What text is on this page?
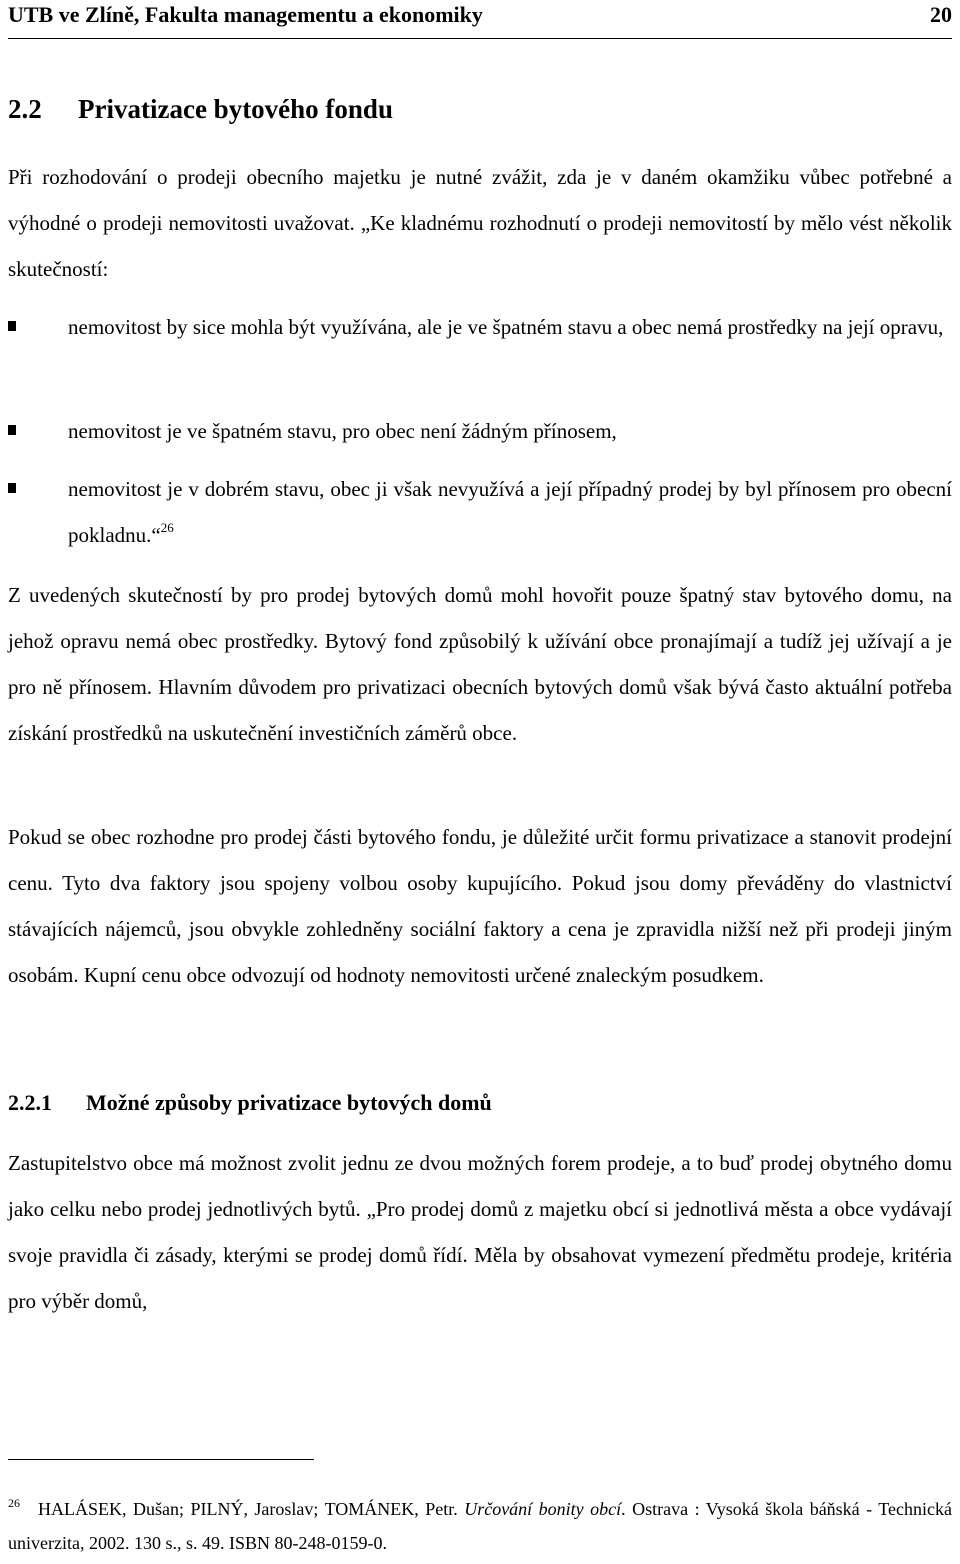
UTB ve Zlíně, Fakulta managementu a ekonomiky	20
2.2 Privatizace bytového fondu

Při rozhodování o prodeji obecního majetku je nutné zvážit, zda je v daném okamžiku vůbec potřebné a výhodné o prodeji nemovitosti uvažovat. „Ke kladnému rozhodnutí o prodeji nemovitostí by mělo vést několik skutečností:

nemovitost by sice mohla být využívána, ale je ve špatném stavu a obec nemá prostředky na její opravu,

nemovitost je ve špatném stavu, pro obec není žádným přínosem,

nemovitost je v dobrém stavu, obec ji však nevyužívá a její případný prodej by byl přínosem pro obecní pokladnu.“$^{26}$

Z uvedených skutečností by pro prodej bytových domů mohl hovořit pouze špatný stav bytového domu, na jehož opravu nemá obec prostředky. Bytový fond způsobilý k užívání obce pronajímají a tudíž jej užívají a je pro ně přínosem. Hlavním důvodem pro privatizaci obecních bytových domů však bývá často aktuální potřeba získání prostředků na uskutečnění investičních záměrů obce.

Pokud se obec rozhodne pro prodej části bytového fondu, je důležité určit formu privatizace a stanovit prodejní cenu. Tyto dva faktory jsou spojeny volbou osoby kupujícího. Pokud jsou domy převáděny do vlastnictví stávajících nájemců, jsou obvykle zohledněny sociální faktory a cena je zpravidla nižší než při prodeji jiným osobám. Kupní cenu obce odvozují od hodnoty nemovitosti určené znaleckým posudkem.

2.2.1 Možné způsoby privatizace bytových domů

Zastupitelstvo obce má možnost zvolit jednu ze dvou možných forem prodeje, a to buď prodej obytného domu jako celku nebo prodej jednotlivých bytů. „Pro prodej domů z majetku obcí si jednotlivá města a obce vydávají svoje pravidla či zásady, kterými se prodej domů řídí. Měla by obsahovat vymezení předmětu prodeje, kritéria pro výběr domů,

$^{26}$ HALÁSEK, Dušan; PILNÝ, Jaroslav; TOMÁNEK, Petr. Určování bonity obcí. Ostrava : Vysoká škola báňská - Technická univerzita, 2002. 130 s., s. 49. ISBN 80-248-0159-0.
